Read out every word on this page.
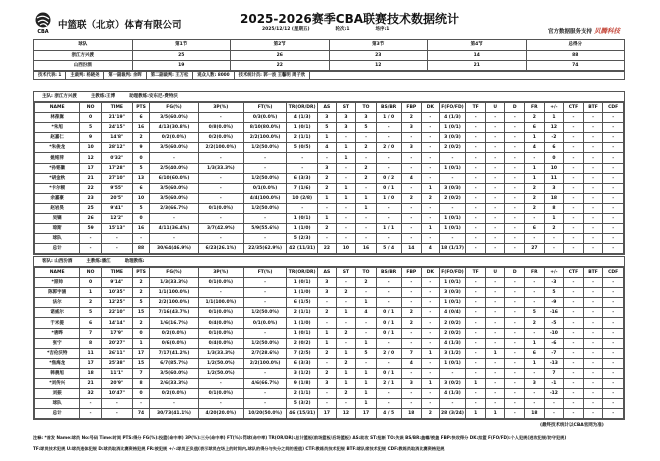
CBA
中篮联（北京）体育有限公司	2025-2026赛季CBA联赛技术数据统计
2025/12/12 (星期五)	轮次:1	场序:1	官方数据服务支持 贝腾科技
球队	第1节	第2节	第3节	第4节	总得分
浙江方兴渡	25	26	23	14	88
山西汾酒	19	22	12	21	74
技术代表: 1	主裁判: 杨晓尧	第一副裁判: 余晖	第二副裁判: 王万松	观众人数: 8000	技术统计员: 郭一波 王馨明 周子欣
主队: 浙江方兴渡	主教练:王博	助理教练:安东尼-费特沃
NAME	NO	TIME	PTS	FG(%)	3P(%)	FT(%)	TR(OR/DR)	AS	ST	TO	BS/BR	FBP	DK	F(FO/FD)	TF	U	D	FR	+/-	CTF	BTF	CDF
林葆嵩	0	21'19"	6	3/5(60.0%)	-	0/3(0.0%)	4 (1/3)	3	3	3	1 / 0	2	-	4 (1/3)	-	-	-	2	1	-	-	-
*朱旭	5	24'15"	16	4/13(30.8%)	0/8(0.0%)	8/10(80.0%)	1 (0/1)	5	3	5	-	3	-	1 (0/1)	-	-	-	6	12	-	-	-
赵嘉仁	9	14'8"	2	0/2(0.0%)	0/2(0.0%)	2/2(100.0%)	2 (1/1)	1	-	-	-	-	-	3 (0/3)	-	-	-	1	-2	-	-	-
*朱俊龙	10	28'12"	9	3/5(60.0%)	2/2(100.0%)	1/2(50.0%)	5 (0/5)	4	1	2	2 / 0	3	-	2 (0/2)	-	-	-	4	6	-	-	-
姚铭萍	12	0'32"	0	-	-	-	-	-	1	-	-	-	-	-	-	-	-	-	0	-	-	-
*孙铭徽	17	17'28"	5	2/5(40.0%)	1/3(33.3%)	-	-	3	-	2	-	-	-	1 (0/1)	-	-	-	1	10	-	-	-
*胡金秋	21	27'10"	13	6/10(60.0%)	-	1/2(50.0%)	6 (3/3)	2	-	2	0 / 2	4	-	-	-	-	-	1	11	-	-	-
*卡尔顿	22	9'55"	6	3/5(60.0%)	-	0/1(0.0%)	7 (1/6)	2	1	-	0 / 1	-	1	3 (0/3)	-	-	-	2	3	-	-	-
余嘉豪	23	20'5"	10	3/5(60.0%)	-	4/4(100.0%)	10 (2/8)	1	1	1	1 / 0	2	2	2 (0/2)	-	-	-	2	18	-	-	-
赵岩昊	25	9'41"	5	2/3(66.7%)	0/1(0.0%)	1/2(50.0%)	-	-	-	1	-	-	-	-	-	-	-	2	8	-	-	-
吴镝	26	12'2"	0	-	-	-	1 (0/1)	1	-	-	-	-	-	1 (0/1)	-	-	-	-	1	-	-	-
琼斯	59	15'13"	16	4/11(36.4%)	3/7(42.9%)	5/9(55.6%)	1 (1/0)	2	-	-	1 / 1	-	1	1 (0/1)	-	-	-	6	2	-	-	-
球队	-	-	-	-	-	-	5 (2/3)	-	-	-	-	-	-	-	-	-	-	-	-	-	-	-
总计	-	-	88	30/64(46.9%)	6/23(26.1%)	22/35(62.9%)	42 (11/31)	22	10	16	5 / 4	14	4	18 (1/17)	-	-	-	27	-	-	-	-
客队: 山西汾酒	主教练:潘江	助理教练:
NAME	NO	TIME	PTS	FG(%)	3P(%)	FT(%)	TR(OR/DR)	AS	ST	TO	BS/BR	FBP	DK	F(FO/FD)	TF	U	D	FR	+/-	CTF	BTF	CDF
*原帅	0	9'14"	2	1/3(33.3%)	0/1(0.0%)	-	1 (0/1)	3	-	2	-	-	-	1 (0/1)	-	-	-	-	-3	-	-	-
陈郭宇涵	1	10'35"	2	1/1(100.0%)	-	-	1 (1/0)	3	2	-	-	-	-	3 (0/3)	-	-	-	-	5	-	-	-
法尔	2	12'25"	5	2/2(100.0%)	1/1(100.0%)	-	6 (1/5)	-	-	1	-	-	-	1 (0/1)	-	-	-	-	-9	-	-	-
诺威尔	5	22'10"	15	7/16(43.7%)	0/1(0.0%)	1/2(50.0%)	2 (1/1)	2	1	4	0 / 1	2	-	4 (0/4)	-	-	-	5	-16	-	-	-
于米提	6	14'14"	2	1/6(16.7%)	0/4(0.0%)	0/1(0.0%)	1 (1/0)	-	-	-	0 / 1	2	-	2 (0/2)	-	-	-	2	-5	-	-	-
*唐晔	7	17'9"	0	0/2(0.0%)	0/1(0.0%)	-	1 (0/1)	1	2	-	0 / 1	-	-	2 (0/2)	-	-	-	-	-10	-	-	-
张宁	8	20'27"	1	0/6(0.0%)	0/4(0.0%)	1/2(50.0%)	2 (0/2)	1	-	1	-	-	-	4 (1/3)	-	-	-	1	-6	-	-	-
*吉伦沃特	11	26'11"	17	7/17(41.2%)	1/3(33.3%)	2/7(28.6%)	7 (2/5)	2	1	5	2 / 0	7	1	3 (1/2)	-	1	-	6	-7	-	-	-
*焦海龙	17	25'38"	15	6/7(85.7%)	1/2(50.0%)	2/2(100.0%)	6 (3/3)	-	2	-	-	4	-	1 (0/1)	-	-	-	1	-13	-	-	-
韩晨旭	18	11'1"	7	3/5(60.0%)	1/2(50.0%)	-	3 (1/2)	2	1	1	0 / 1	-	-	-	-	-	-	-	7	-	-	-
*刘传兴	21	20'9"	8	2/6(33.3%)	-	4/6(66.7%)	9 (1/8)	3	1	1	2 / 1	3	1	3 (0/2)	1	-	-	3	-1	-	-	-
刘振	32	10'47"	0	0/2(0.0%)	0/1(0.0%)	-	2 (1/1)	-	2	1	-	-	-	4 (1/3)	-	-	-	-	-12	-	-	-
球队	-	-	-	-	-	-	5 (3/2)	-	-	1	-	-	-	-	-	-	-	-	-	-	-	-
总计	-	-	74	30/73(41.1%)	4/20(20.0%)	10/20(50.0%)	46 (15/31)	17	12	17	4 / 5	18	2	28 (3/24)	1	1	-	18	-	-	-	-
(最终技术统计以CBA官网为准)
注释: *首发 Name:球员 No:号码 Time:时间 PTS:得分 FG(%):投篮(命中率) 3P(%):三分(命中率) FT(%):罚球(命中率) TR(OR/DR):总计篮板(前场篮板/后场篮板) AS:助攻 ST:抢断 TO:失误 BS/BR:盖帽/被盖 FBP:快攻得分 DK:扣篮 F(FO/FD):个人犯规(进攻犯规/防守犯规)
TF:球员技术犯规 U:球员违体犯规 D:球员取消比赛资格犯规 FR:被犯规 +/-:球员正负值(表示球员在场上的时间内,球队的得分与失分之间的差值) CTF:教练员技术犯规 BTF:球队席技术犯规 CDF:教练员取消比赛资格犯规
